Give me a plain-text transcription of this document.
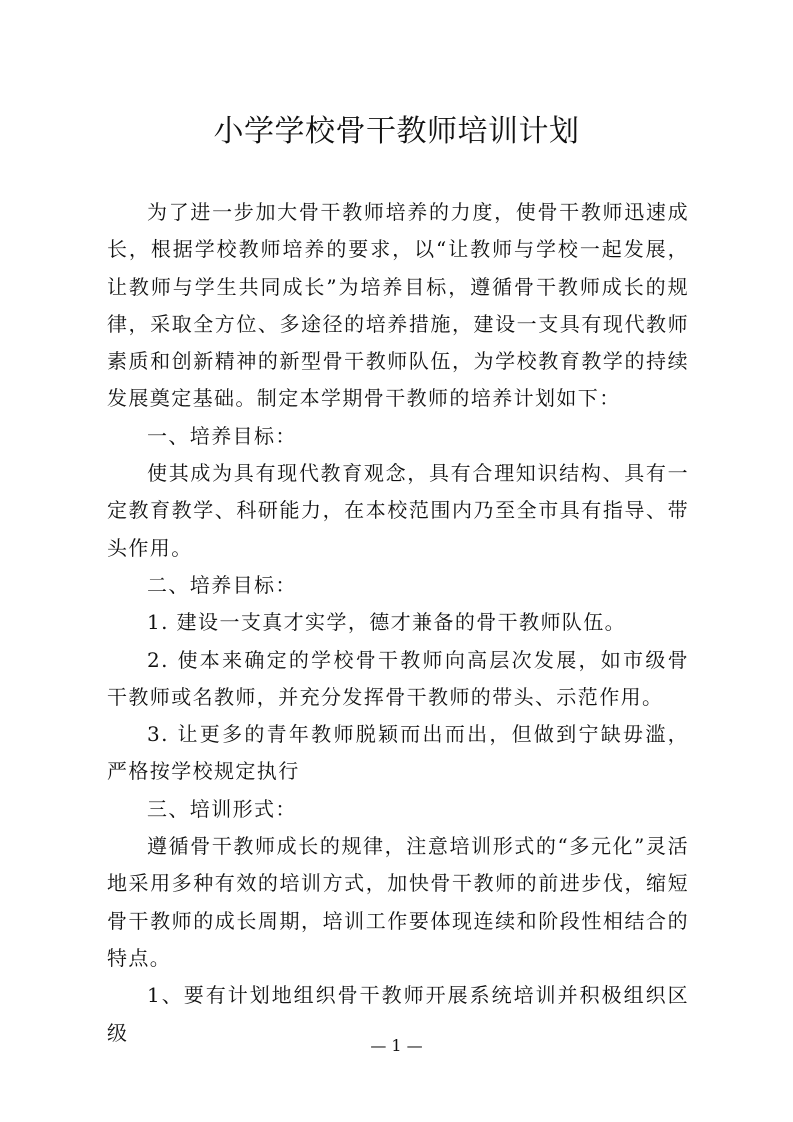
小学学校骨干教师培训计划

为了进一步加大骨干教师培养的力度，使骨干教师迅速成长，根据学校教师培养的要求，以“让教师与学校一起发展，让教师与学生共同成长”为培养目标，遵循骨干教师成长的规律，采取全方位、多途径的培养措施，建设一支具有现代教师素质和创新精神的新型骨干教师队伍，为学校教育教学的持续发展奠定基础。制定本学期骨干教师的培养计划如下：

一、培养目标：

使其成为具有现代教育观念，具有合理知识结构、具有一定教育教学、科研能力，在本校范围内乃至全市具有指导、带头作用。

二、培养目标：

1. 建设一支真才实学，德才兼备的骨干教师队伍。

2. 使本来确定的学校骨干教师向高层次发展，如市级骨干教师或名教师，并充分发挥骨干教师的带头、示范作用。

3. 让更多的青年教师脱颖而出而出，但做到宁缺毋滥，严格按学校规定执行

三、培训形式：

遵循骨干教师成长的规律，注意培训形式的“多元化”灵活地采用多种有效的培训方式，加快骨干教师的前进步伐，缩短骨干教师的成长周期，培训工作要体现连续和阶段性相结合的特点。

1、要有计划地组织骨干教师开展系统培训并积极组织区级

— 1 —
